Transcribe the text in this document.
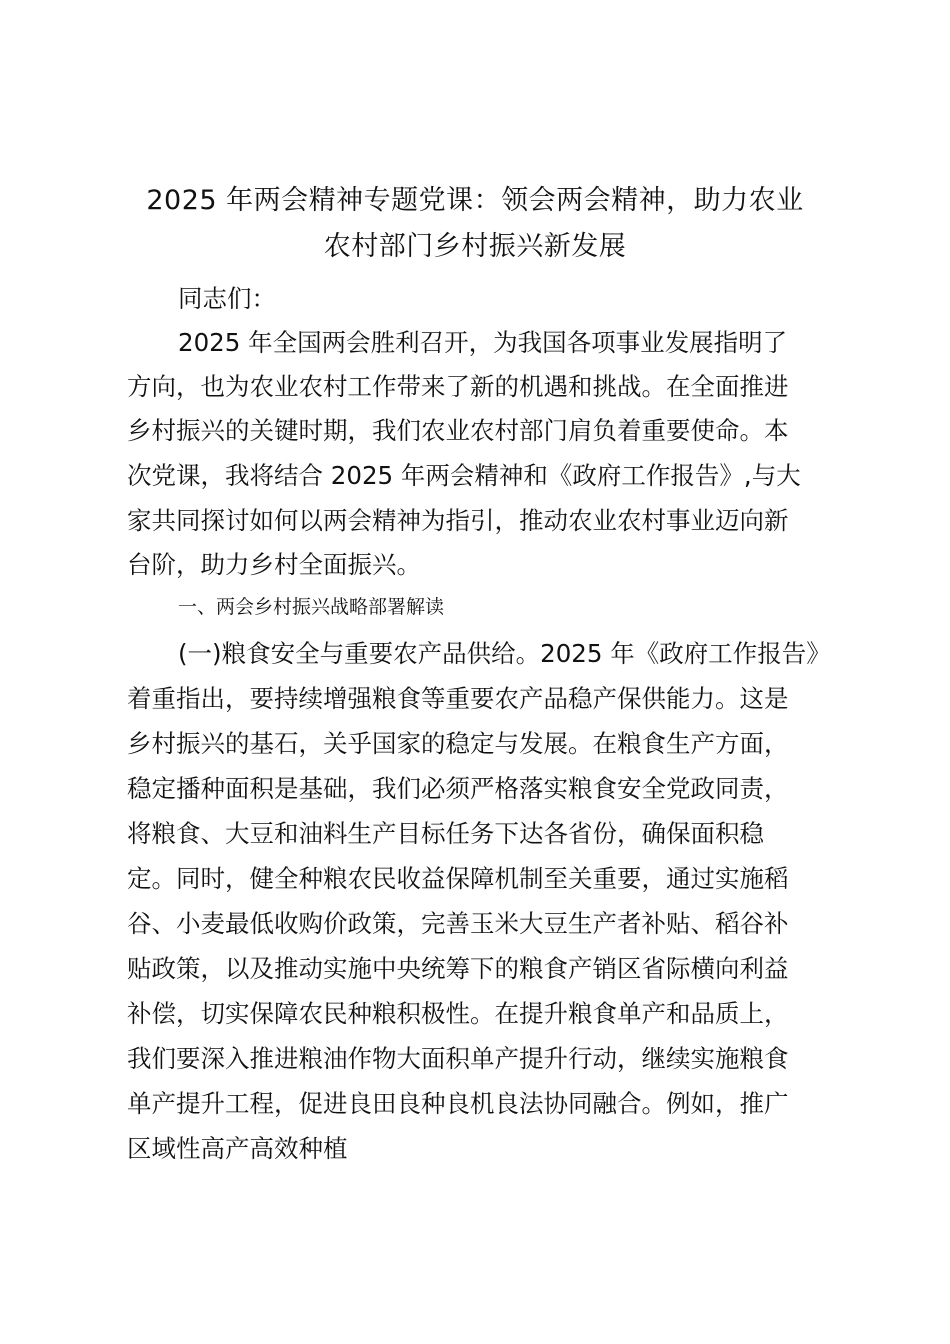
2025 年两会精神专题党课：领会两会精神，助力农业
农村部门乡村振兴新发展
同志们：
2025 年全国两会胜利召开，为我国各项事业发展指明了
方向，也为农业农村工作带来了新的机遇和挑战。在全面推进
乡村振兴的关键时期，我们农业农村部门肩负着重要使命。本
次党课，我将结合 2025 年两会精神和《政府工作报告》,与大
家共同探讨如何以两会精神为指引，推动农业农村事业迈向新
台阶，助力乡村全面振兴。
一、两会乡村振兴战略部署解读
(一)粮食安全与重要农产品供给。2025 年《政府工作报告》
着重指出，要持续增强粮食等重要农产品稳产保供能力。这是
乡村振兴的基石，关乎国家的稳定与发展。在粮食生产方面，
稳定播种面积是基础，我们必须严格落实粮食安全党政同责，
将粮食、大豆和油料生产目标任务下达各省份，确保面积稳
定。同时，健全种粮农民收益保障机制至关重要，通过实施稻
谷、小麦最低收购价政策，完善玉米大豆生产者补贴、稻谷补
贴政策，以及推动实施中央统筹下的粮食产销区省际横向利益
补偿，切实保障农民种粮积极性。在提升粮食单产和品质上，
我们要深入推进粮油作物大面积单产提升行动，继续实施粮食
单产提升工程，促进良田良种良机良法协同融合。例如，推广
区域性高产高效种植
